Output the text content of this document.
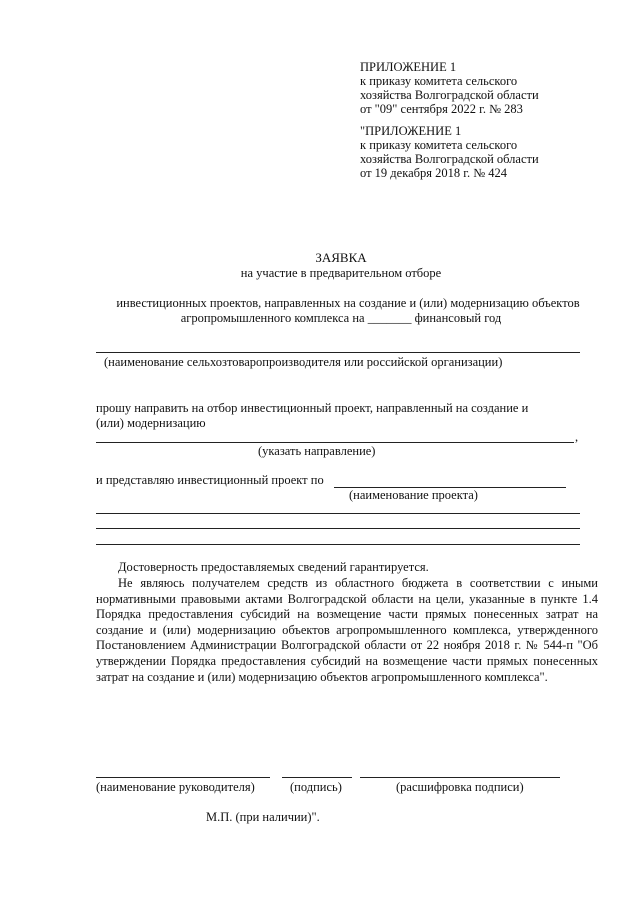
ПРИЛОЖЕНИЕ 1
к приказу комитета сельского
хозяйства Волгоградской области
от "09" сентября 2022 г. № 283
"ПРИЛОЖЕНИЕ 1
к приказу комитета сельского
хозяйства Волгоградской области
от 19 декабря 2018 г. № 424
ЗАЯВКА
на участие в предварительном отборе
инвестиционных проектов, направленных на создание и (или) модернизацию объектов
агропромышленного комплекса на _______ финансовый год
(наименование сельхозтоваропроизводителя или российской организации)
прошу направить на отбор инвестиционный проект, направленный на создание и
(или) модернизацию
,
(указать направление)
и представляю инвестиционный проект по
(наименование проекта)
Достоверность предоставляемых сведений гарантируется.
Не являюсь получателем средств из областного бюджета в соответствии с иными нормативными правовыми актами Волгоградской области на цели, указанные в пункте 1.4 Порядка предоставления субсидий на возмещение части прямых понесенных затрат на создание и (или) модернизацию объектов агропромышленного комплекса, утвержденного Постановлением Администрации Волгоградской области от 22 ноября 2018 г. № 544-п "Об утверждении Порядка предоставления субсидий на возмещение части прямых понесенных затрат на создание и (или) модернизацию объектов агропромышленного комплекса".
(наименование руководителя)	(подпись)	(расшифровка подписи)
М.П. (при наличии)".
